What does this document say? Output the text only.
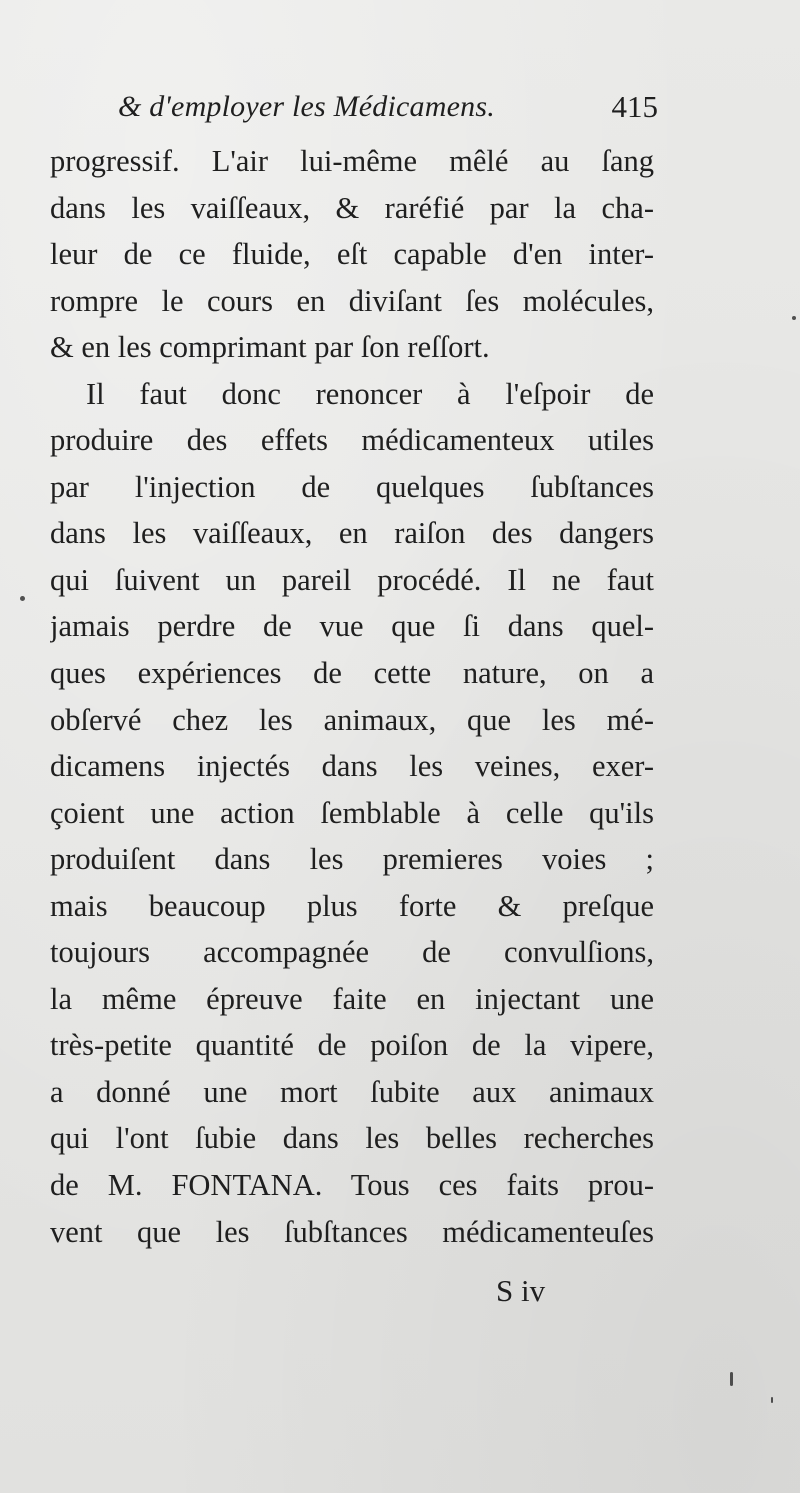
& d'employer les Médicamens.	415
progressif. L'air lui-même mêlé au ſang
dans les vaiſſeaux, & raréfié par la cha-
leur de ce fluide, eſt capable d'en inter-
rompre le cours en diviſant ſes molécules,
& en les comprimant par ſon reſſort.
Il faut donc renoncer à l'eſpoir de
produire des effets médicamenteux utiles
par l'injection de quelques ſubſtances
dans les vaiſſeaux, en raiſon des dangers
qui ſuivent un pareil procédé. Il ne faut
jamais perdre de vue que ſi dans quel-
ques expériences de cette nature, on a
obſervé chez les animaux, que les mé-
dicamens injectés dans les veines, exer-
çoient une action ſemblable à celle qu'ils
produiſent dans les premieres voies ;
mais beaucoup plus forte & preſque
toujours accompagnée de convulſions,
la même épreuve faite en injectant une
très-petite quantité de poiſon de la vipere,
a donné une mort ſubite aux animaux
qui l'ont ſubie dans les belles recherches
de M. FONTANA. Tous ces faits prou-
vent que les ſubſtances médicamenteuſes
S iv
